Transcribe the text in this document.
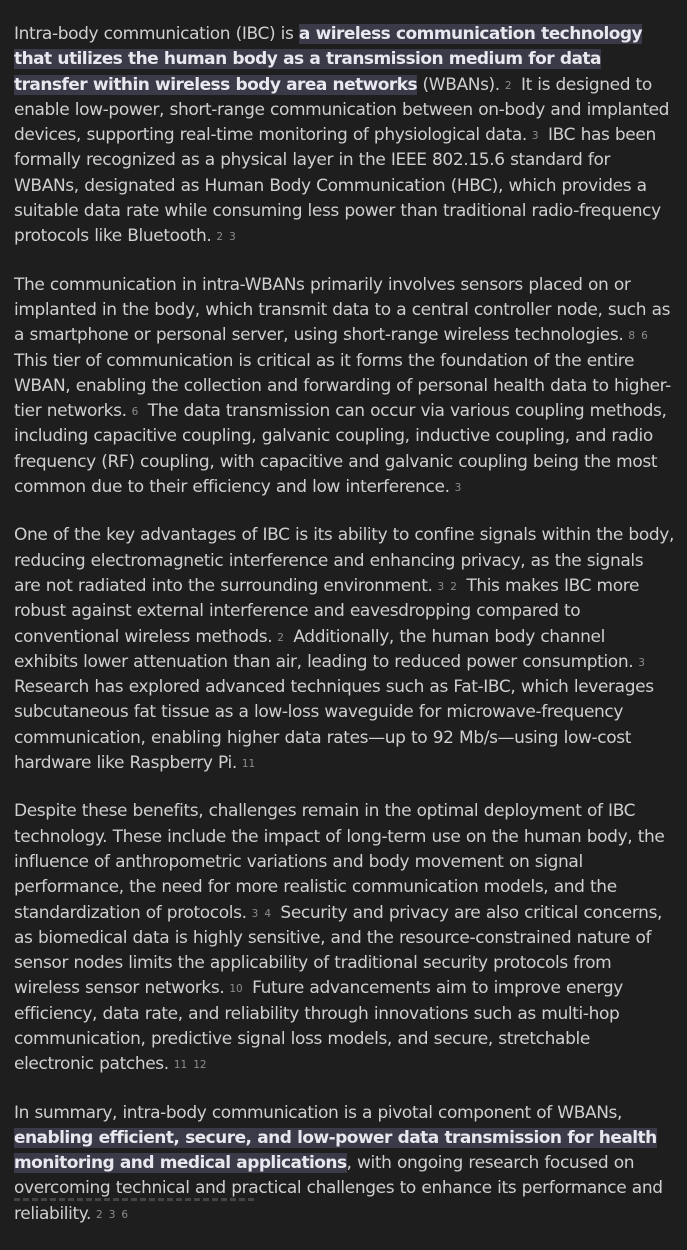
Intra-body communication (IBC) is a wireless communication technology that utilizes the human body as a transmission medium for data transfer within wireless body area networks (WBANs). 2 It is designed to enable low-power, short-range communication between on-body and implanted devices, supporting real-time monitoring of physiological data. 3 IBC has been formally recognized as a physical layer in the IEEE 802.15.6 standard for WBANs, designated as Human Body Communication (HBC), which provides a suitable data rate while consuming less power than traditional radio-frequency protocols like Bluetooth. 2 3

The communication in intra-WBANs primarily involves sensors placed on or implanted in the body, which transmit data to a central controller node, such as a smartphone or personal server, using short-range wireless technologies. 8 6 This tier of communication is critical as it forms the foundation of the entire WBAN, enabling the collection and forwarding of personal health data to higher-tier networks. 6 The data transmission can occur via various coupling methods, including capacitive coupling, galvanic coupling, inductive coupling, and radio frequency (RF) coupling, with capacitive and galvanic coupling being the most common due to their efficiency and low interference. 3

One of the key advantages of IBC is its ability to confine signals within the body, reducing electromagnetic interference and enhancing privacy, as the signals are not radiated into the surrounding environment. 3 2 This makes IBC more robust against external interference and eavesdropping compared to conventional wireless methods. 2 Additionally, the human body channel exhibits lower attenuation than air, leading to reduced power consumption. 3 Research has explored advanced techniques such as Fat-IBC, which leverages subcutaneous fat tissue as a low-loss waveguide for microwave-frequency communication, enabling higher data rates—up to 92 Mb/s—using low-cost hardware like Raspberry Pi. 11

Despite these benefits, challenges remain in the optimal deployment of IBC technology. These include the impact of long-term use on the human body, the influence of anthropometric variations and body movement on signal performance, the need for more realistic communication models, and the standardization of protocols. 3 4 Security and privacy are also critical concerns, as biomedical data is highly sensitive, and the resource-constrained nature of sensor nodes limits the applicability of traditional security protocols from wireless sensor networks. 10 Future advancements aim to improve energy efficiency, data rate, and reliability through innovations such as multi-hop communication, predictive signal loss models, and secure, stretchable electronic patches. 11 12

In summary, intra-body communication is a pivotal component of WBANs, enabling efficient, secure, and low-power data transmission for health monitoring and medical applications, with ongoing research focused on overcoming technical and practical challenges to enhance its performance and reliability. 2 3 6
